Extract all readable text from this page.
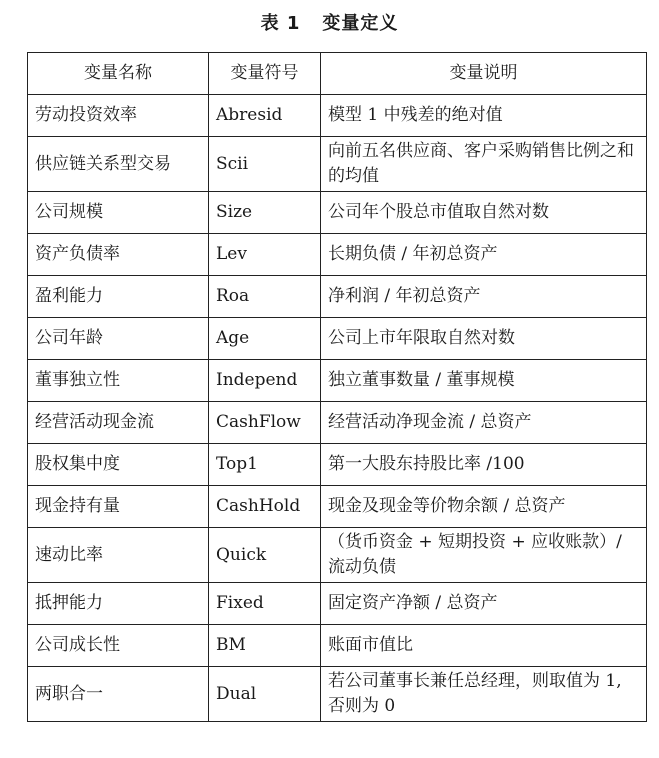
表 1 变量定义
变量名称	变量符号	变量说明
劳动投资效率	Abresid	模型 1 中残差的绝对值
供应链关系型交易	Scii	向前五名供应商、客户采购销售比例之和的均值
公司规模	Size	公司年个股总市值取自然对数
资产负债率	Lev	长期负债 / 年初总资产
盈利能力	Roa	净利润 / 年初总资产
公司年龄	Age	公司上市年限取自然对数
董事独立性	Independ	独立董事数量 / 董事规模
经营活动现金流	CashFlow	经营活动净现金流 / 总资产
股权集中度	Top1	第一大股东持股比率 /100
现金持有量	CashHold	现金及现金等价物余额 / 总资产
速动比率	Quick	（货币资金 + 短期投资 + 应收账款）/ 流动负债
抵押能力	Fixed	固定资产净额 / 总资产
公司成长性	BM	账面市值比
两职合一	Dual	若公司董事长兼任总经理，则取值为 1, 否则为 0
